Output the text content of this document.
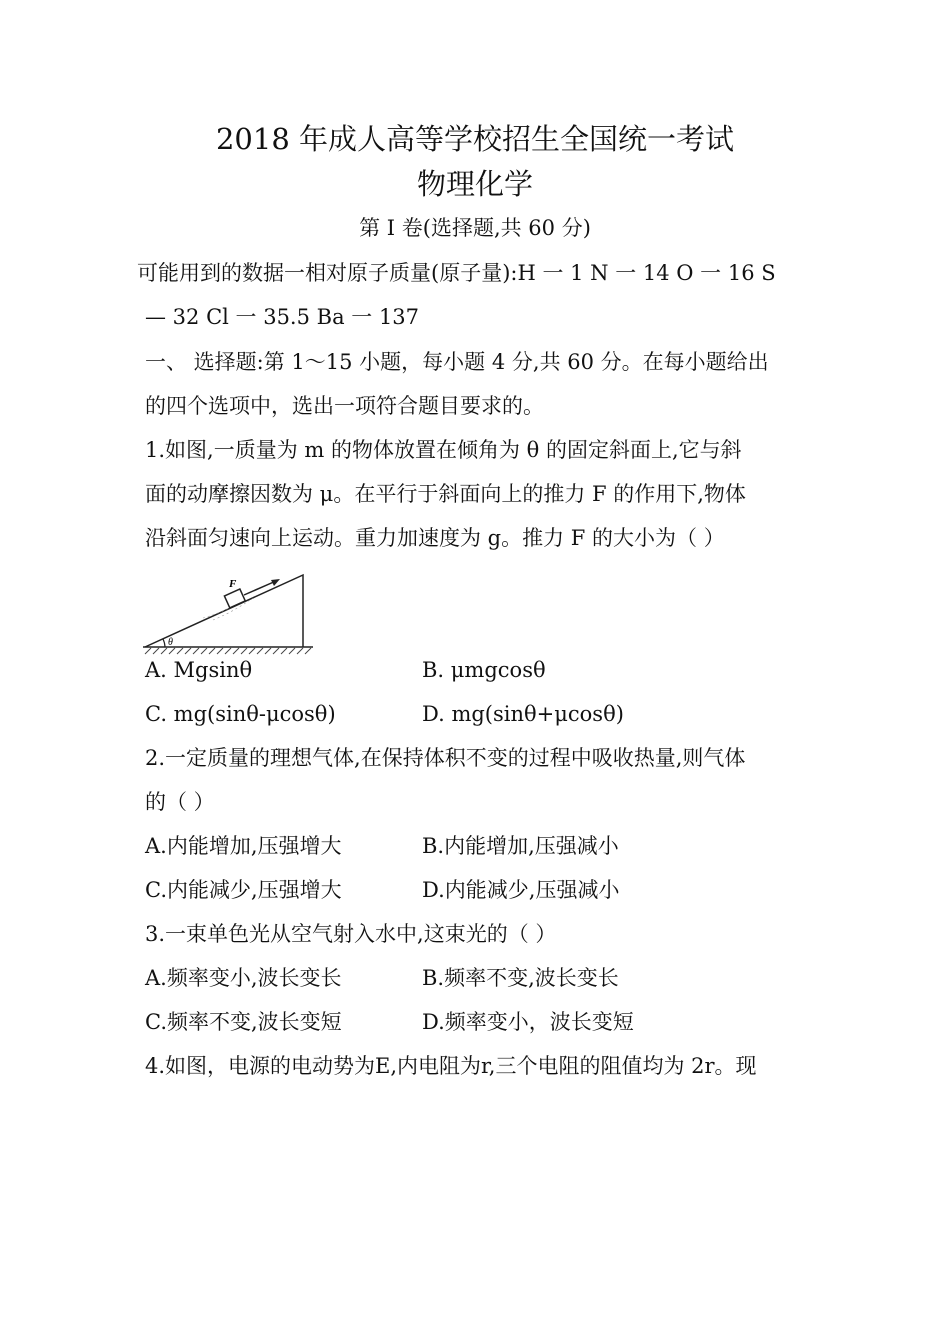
2018 年成人高等学校招生全国统一考试
物理化学
第 I 卷(选择题,共 60 分)
可能用到的数据一相对原子质量(原子量):H 一 1 N 一 14 O 一 16 S
— 32 Cl 一 35.5 Ba 一 137
一、 选择题:第 1～15 小题，每小题 4 分,共 60 分。在每小题给出
的四个选项中，选出一项符合题目要求的。
1.如图,一质量为 m 的物体放置在倾角为 θ 的固定斜面上,它与斜
面的动摩擦因数为 μ。在平行于斜面向上的推力 F 的作用下,物体
沿斜面匀速向上运动。重力加速度为 g。推力 F 的大小为（ ）
F
θ
A. Mgsinθ	B. μmgcosθ
C. mg(sinθ-μcosθ)	D. mg(sinθ+μcosθ)
2.一定质量的理想气体,在保持体积不变的过程中吸收热量,则气体
的（ ）
A.内能增加,压强增大	B.内能增加,压强减小
C.内能减少,压强增大	D.内能减少,压强减小
3.一束单色光从空气射入水中,这束光的（ ）
A.频率变小,波长变长	B.频率不变,波长变长
C.频率不变,波长变短	D.频率变小，波长变短
4.如图，电源的电动势为E,内电阻为r,三个电阻的阻值均为 2r。现
